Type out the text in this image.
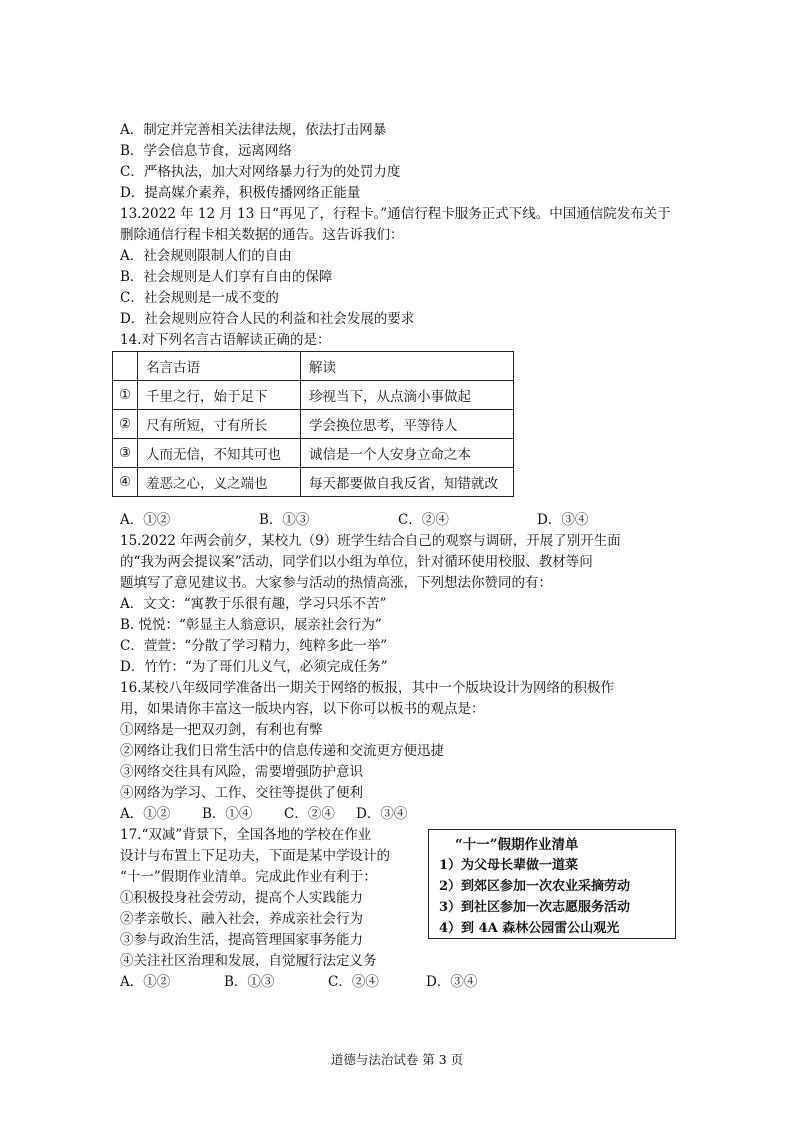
A．制定并完善相关法律法规，依法打击网暴
B．学会信息节食，远离网络
C．严格执法，加大对网络暴力行为的处罚力度
D．提高媒介素养，积极传播网络正能量
13.2022 年 12 月 13 日“再见了，行程卡。”通信行程卡服务正式下线。中国通信院发布关于
删除通信行程卡相关数据的通告。这告诉我们：
A．社会规则限制人们的自由
B．社会规则是人们享有自由的保障
C．社会规则是一成不变的
D．社会规则应符合人民的利益和社会发展的要求
14.对下列名言古语解读正确的是：
	名言古语	解读
①	千里之行，始于足下	珍视当下，从点滴小事做起
②	尺有所短，寸有所长	学会换位思考，平等待人
③	人而无信，不知其可也	诚信是一个人安身立命之本
④	羞恶之心，义之端也	每天都要做自我反省，知错就改
A．①②	B．①③	C．②④	D．③④
15.2022 年两会前夕，某校九（9）班学生结合自己的观察与调研，开展了别开生面
的“我为两会提议案”活动，同学们以小组为单位，针对循环使用校服、教材等问
题填写了意见建议书。大家参与活动的热情高涨，下列想法你赞同的有：
A．文文：“寓教于乐很有趣，学习只乐不苦”
B. 悦悦：“彰显主人翁意识，展亲社会行为”
C．萱萱：“分散了学习精力，纯粹多此一举”
D．竹竹：“为了哥们儿义气，必须完成任务”
16.某校八年级同学准备出一期关于网络的板报，其中一个版块设计为网络的积极作
用，如果请你丰富这一版块内容，以下你可以板书的观点是：
①网络是一把双刃剑，有利也有弊
②网络让我们日常生活中的信息传递和交流更方便迅捷
③网络交往具有风险，需要增强防护意识
④网络为学习、工作、交往等提供了便利
A．①② B．①④ C．②④ D．③④
17.“双减”背景下，全国各地的学校在作业
设计与布置上下足功夫，下面是某中学设计的
“十一”假期作业清单。完成此作业有利于：
①积极投身社会劳动，提高个人实践能力
②孝亲敬长、融入社会，养成亲社会行为
③参与政治生活，提高管理国家事务能力
④关注社区治理和发展，自觉履行法定义务
A．①②	B．①③	C．②④	D．③④
“十一”假期作业清单
1）为父母长辈做一道菜
2）到郊区参加一次农业采摘劳动
3）到社区参加一次志愿服务活动
4）到 4A 森林公园雷公山观光
道德与法治试卷 第 3 页
